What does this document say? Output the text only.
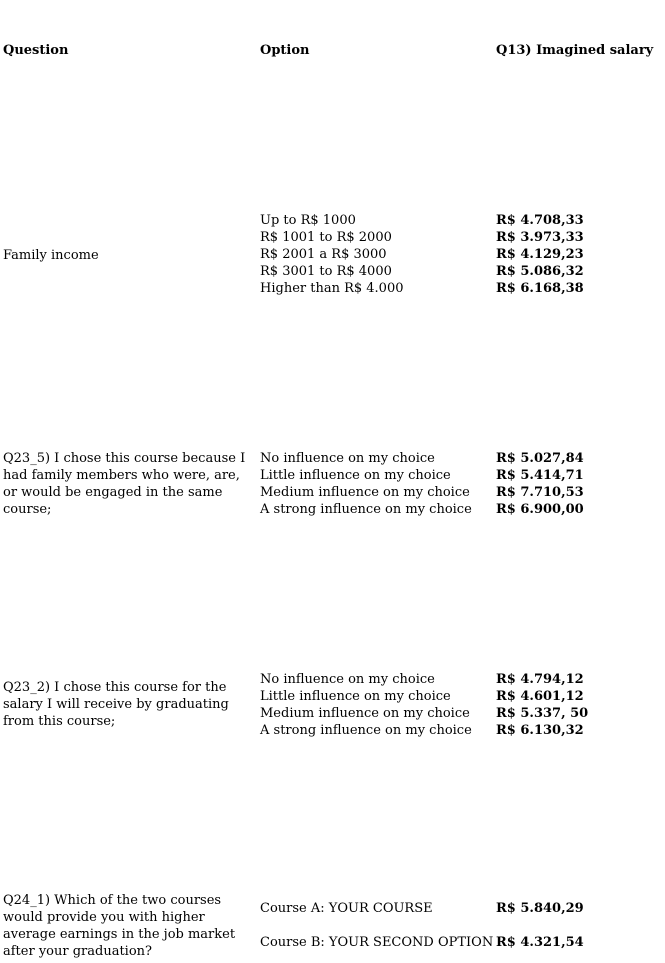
Question	Option	Q13) Imagined salary
Family income
Up to R$ 1000
R$ 1001 to R$ 2000
R$ 2001 a R$ 3000
R$ 3001 to R$ 4000
Higher than R$ 4.000
R$ 4.708,33
R$ 3.973,33
R$ 4.129,23
R$ 5.086,32
R$ 6.168,38
Q23_5) I chose this course because I had family members who were, are, or would be engaged in the same course;
No influence on my choice
Little influence on my choice
Medium influence on my choice
A strong influence on my choice
R$ 5.027,84
R$ 5.414,71
R$ 7.710,53
R$ 6.900,00
Q23_2) I chose this course for the salary I will receive by graduating from this course;
No influence on my choice
Little influence on my choice
Medium influence on my choice
A strong influence on my choice
R$ 4.794,12
R$ 4.601,12
R$ 5.337, 50
R$ 6.130,32
Q24_1) Which of the two courses would provide you with higher average earnings in the job market after your graduation?
Course A: YOUR COURSE
Course B: YOUR SECOND OPTION
R$ 5.840,29
R$ 4.321,54
